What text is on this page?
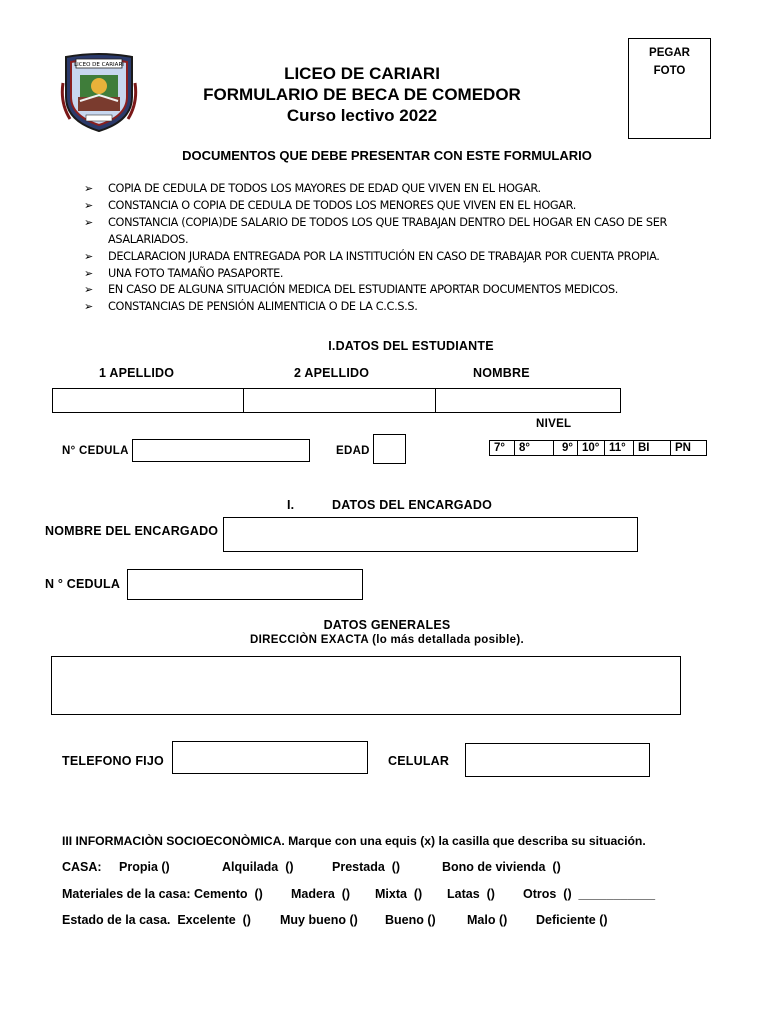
LICEO DE CARIARI	LICEO DE CARIARI
FORMULARIO DE BECA DE COMEDOR
Curso lectivo 2022
PEGAR
FOTO
DOCUMENTOS QUE DEBE PRESENTAR CON ESTE FORMULARIO
➢ COPIA DE CEDULA DE TODOS LOS MAYORES DE EDAD QUE VIVEN EN EL HOGAR.
➢ CONSTANCIA O COPIA DE CEDULA DE TODOS LOS MENORES QUE VIVEN EN EL HOGAR.
➢ CONSTANCIA (COPIA)DE SALARIO DE TODOS LOS QUE TRABAJAN DENTRO DEL HOGAR EN CASO DE SER ASALARIADOS.
➢ DECLARACION JURADA ENTREGADA POR LA INSTITUCIÓN EN CASO DE TRABAJAR POR CUENTA PROPIA.
➢ UNA FOTO TAMAÑO PASAPORTE.
➢ EN CASO DE ALGUNA SITUACIÓN MEDICA DEL ESTUDIANTE APORTAR DOCUMENTOS MEDICOS.
➢ CONSTANCIAS DE PENSIÓN ALIMENTICIA O DE LA C.C.S.S.
I.DATOS DEL ESTUDIANTE
1 APELLIDO	2 APELLIDO	NOMBRE
NIVEL
N° CEDULA	EDAD	7°	8°	9°	10°	11°	BI	PN
I.	DATOS DEL ENCARGADO
NOMBRE DEL ENCARGADO
N ° CEDULA
DATOS GENERALES
DIRECCIÒN EXACTA (lo más detallada posible).
TELEFONO FIJO	CELULAR
III INFORMACIÒN SOCIOECONÒMICA. Marque con una equis (x) la casilla que describa su situación.
CASA: Propia ()	Alquilada  ()	Prestada  ()	Bono de vivienda  ()
Materiales de la casa: Cemento  () Madera  () Mixta  () Latas  () Otros  ()  ___________
Estado de la casa.  Excelente  () Muy bueno () Bueno ()	Malo () Deficiente ()
